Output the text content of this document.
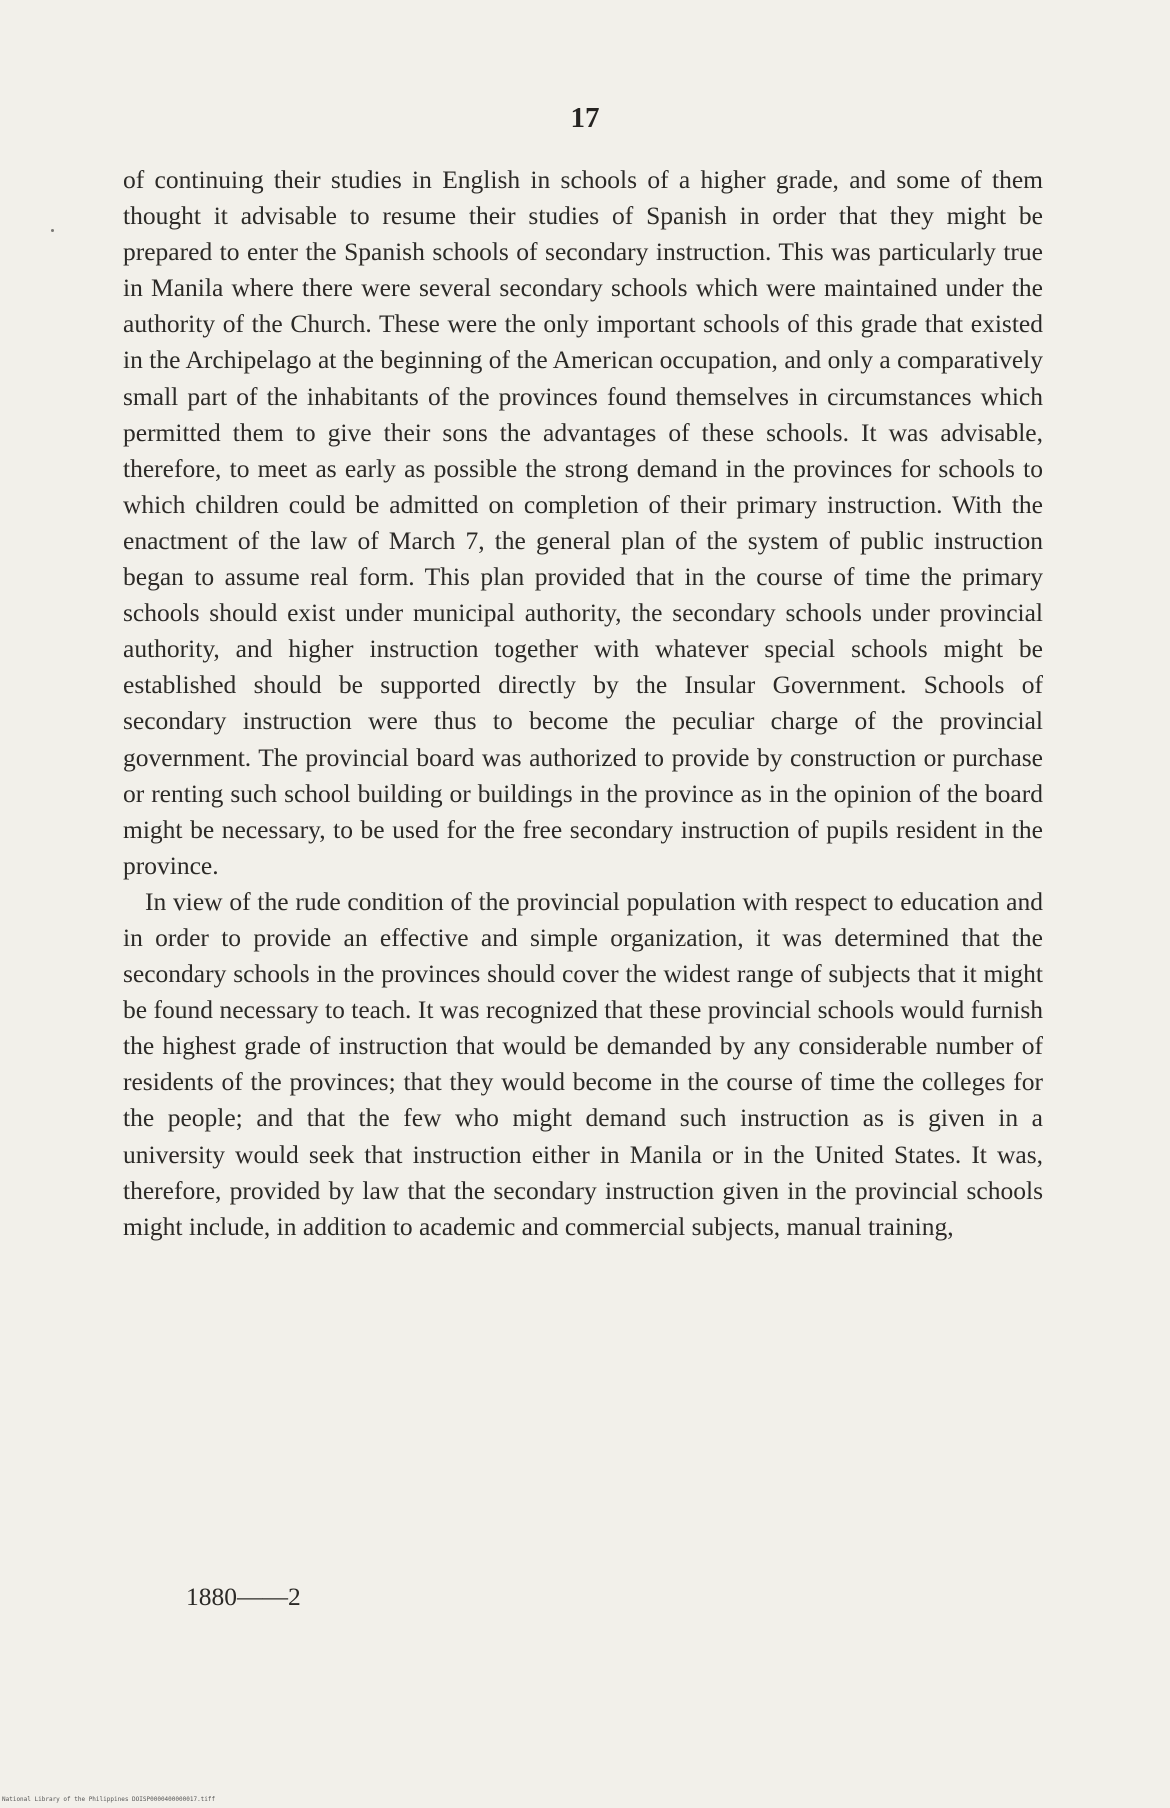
17

of continuing their studies in English in schools of a higher grade, and some of them thought it advisable to resume their studies of Spanish in order that they might be prepared to enter the Spanish schools of secondary instruction. This was particularly true in Manila where there were several secondary schools which were maintained under the authority of the Church. These were the only important schools of this grade that existed in the Archipelago at the beginning of the American occupation, and only a comparatively small part of the inhabitants of the provinces found themselves in circumstances which permitted them to give their sons the advantages of these schools. It was advisable, therefore, to meet as early as possible the strong demand in the provinces for schools to which children could be admitted on completion of their primary instruction. With the enactment of the law of March 7, the general plan of the system of public instruction began to assume real form. This plan provided that in the course of time the primary schools should exist under municipal authority, the secondary schools under provincial authority, and higher instruction together with whatever special schools might be established should be supported directly by the Insular Government. Schools of secondary instruction were thus to become the peculiar charge of the provincial government. The provincial board was authorized to provide by construction or purchase or renting such school building or buildings in the province as in the opinion of the board might be necessary, to be used for the free secondary instruction of pupils resident in the province.

In view of the rude condition of the provincial population with respect to education and in order to provide an effective and simple organization, it was determined that the secondary schools in the provinces should cover the widest range of subjects that it might be found necessary to teach. It was recognized that these provincial schools would furnish the highest grade of instruction that would be demanded by any considerable number of residents of the provinces; that they would become in the course of time the colleges for the people; and that the few who might demand such instruction as is given in a university would seek that instruction either in Manila or in the United States. It was, therefore, provided by law that the secondary instruction given in the provincial schools might include, in addition to academic and commercial subjects, manual training,

1880——2
National Library of the Philippines DOISP0000400000017.tiff
